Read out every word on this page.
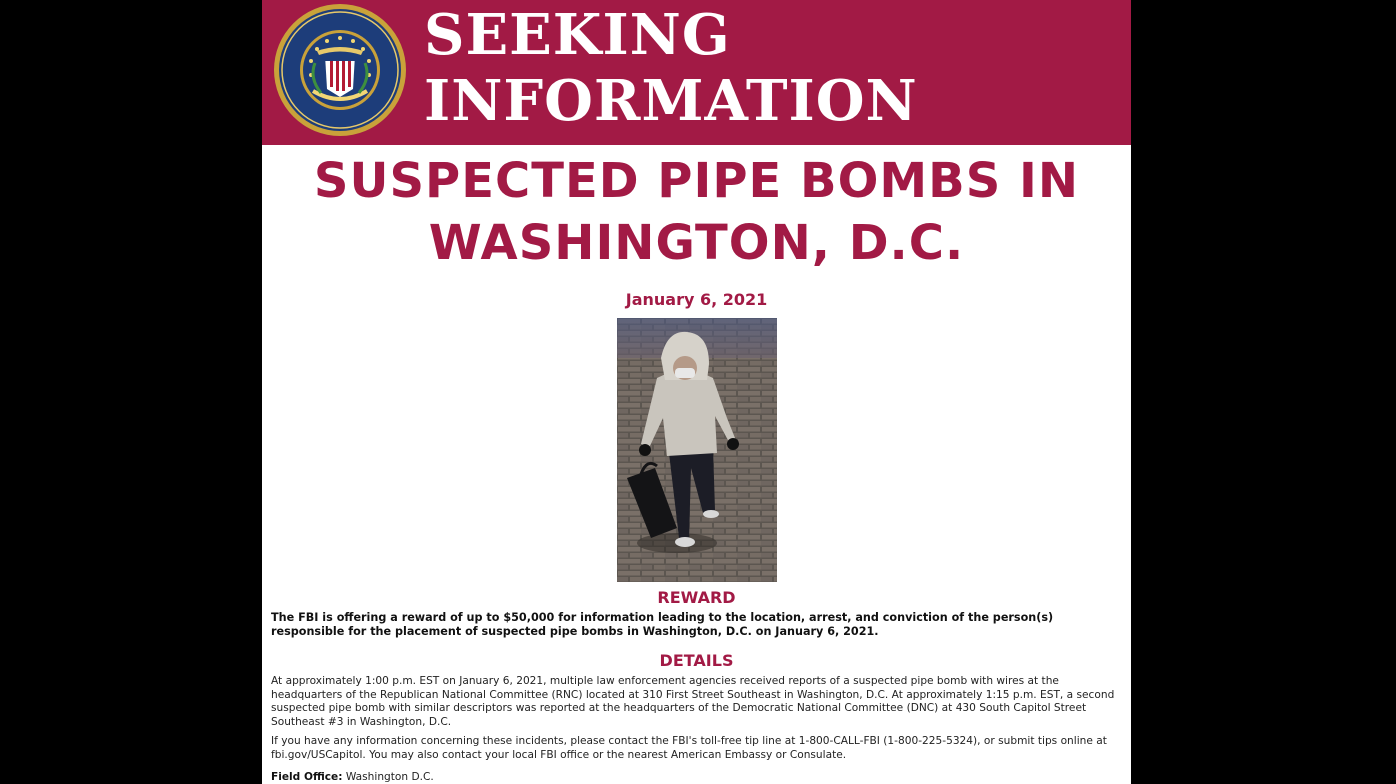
SEEKING
INFORMATION
SUSPECTED PIPE BOMBS IN
WASHINGTON, D.C.
January 6, 2021
REWARD
The FBI is offering a reward of up to $50,000 for information leading to the location, arrest, and conviction of the person(s) responsible for the placement of suspected pipe bombs in Washington, D.C. on January 6, 2021.
DETAILS
At approximately 1:00 p.m. EST on January 6, 2021, multiple law enforcement agencies received reports of a suspected pipe bomb with wires at the headquarters of the Republican National Committee (RNC) located at 310 First Street Southeast in Washington, D.C. At approximately 1:15 p.m. EST, a second suspected pipe bomb with similar descriptors was reported at the headquarters of the Democratic National Committee (DNC) at 430 South Capitol Street Southeast #3 in Washington, D.C.
If you have any information concerning these incidents, please contact the FBI's toll-free tip line at 1-800-CALL-FBI (1-800-225-5324), or submit tips online at fbi.gov/USCapitol. You may also contact your local FBI office or the nearest American Embassy or Consulate.
Field Office: Washington D.C.
